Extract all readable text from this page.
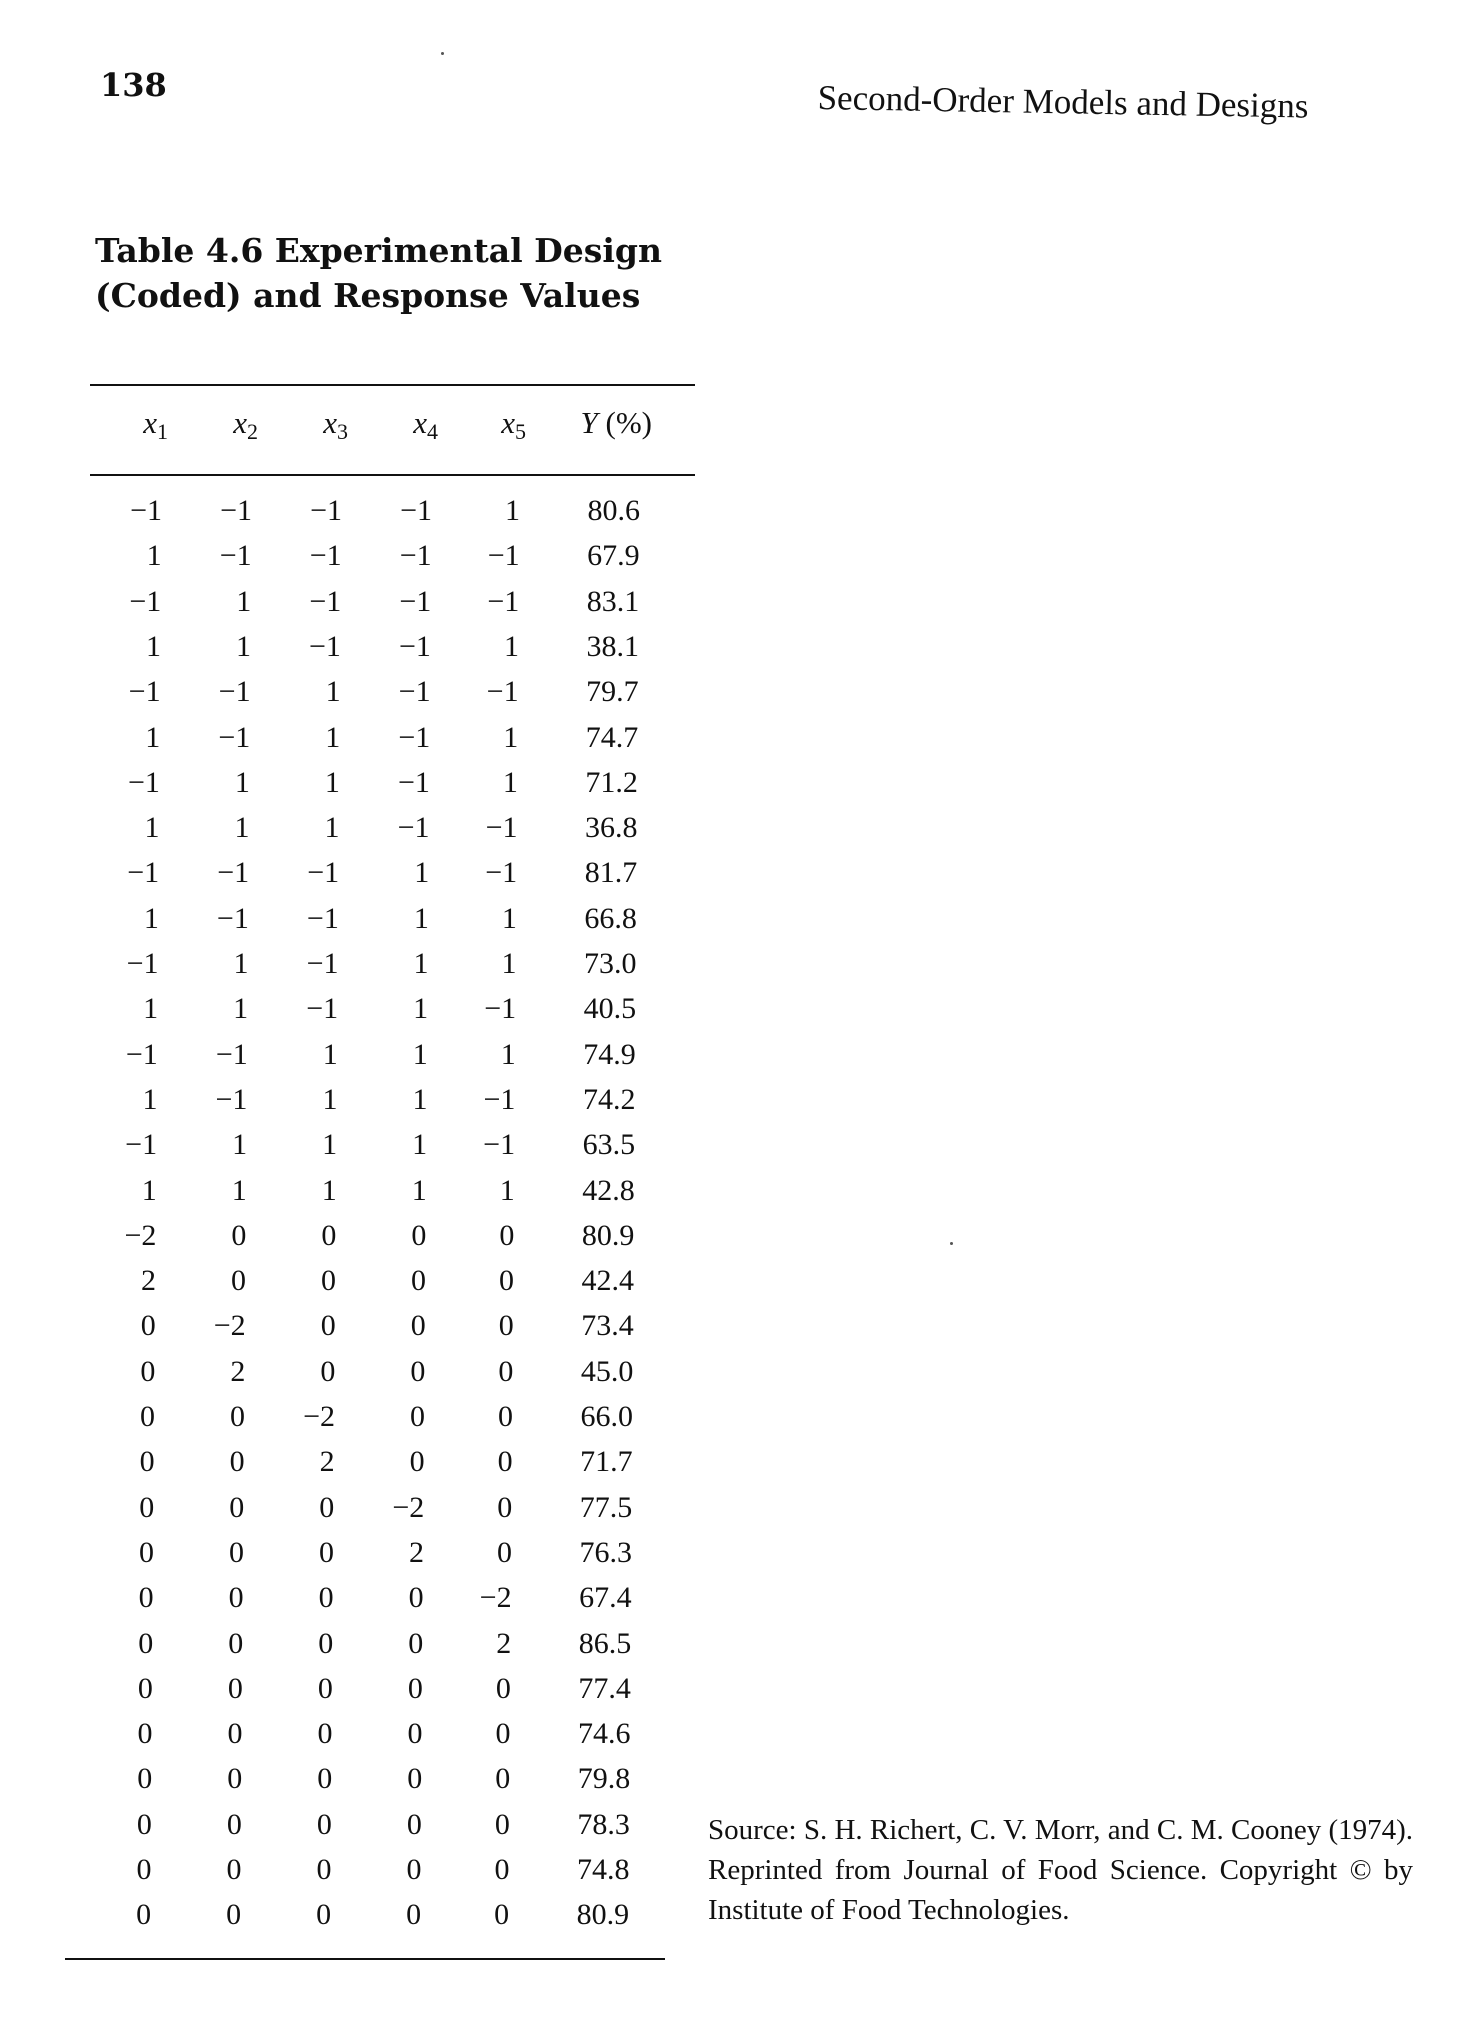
138	Second-Order Models and Designs
Table 4.6 Experimental Design (Coded) and Response Values
$x_1$ $x_2$ $x_3$ $x_4$ $x_5$ Y (%)
−1	−1	−1	−1	1	80.6
1	−1	−1	−1	−1	67.9
−1	1	−1	−1	−1	83.1
1	1	−1	−1	1	38.1
−1	−1	1	−1	−1	79.7
1	−1	1	−1	1	74.7
−1	1	1	−1	1	71.2
1	1	1	−1	−1	36.8
−1	−1	−1	1	−1	81.7
1	−1	−1	1	1	66.8
−1	1	−1	1	1	73.0
1	1	−1	1	−1	40.5
−1	−1	1	1	1	74.9
1	−1	1	1	−1	74.2
−1	1	1	1	−1	63.5
1	1	1	1	1	42.8
−2	0	0	0	0	80.9
2	0	0	0	0	42.4
0	−2	0	0	0	73.4
0	2	0	0	0	45.0
0	0	−2	0	0	66.0
0	0	2	0	0	71.7
0	0	0	−2	0	77.5
0	0	0	2	0	76.3
0	0	0	0	−2	67.4
0	0	0	0	2	86.5
0	0	0	0	0	77.4
0	0	0	0	0	74.6
0	0	0	0	0	79.8
0	0	0	0	0	78.3
0	0	0	0	0	74.8
0	0	0	0	0	80.9
Source: S. H. Richert, C. V. Morr, and C. M. Cooney (1974). Reprinted from Journal of Food Science. Copyright © by Institute of Food Technologies.
